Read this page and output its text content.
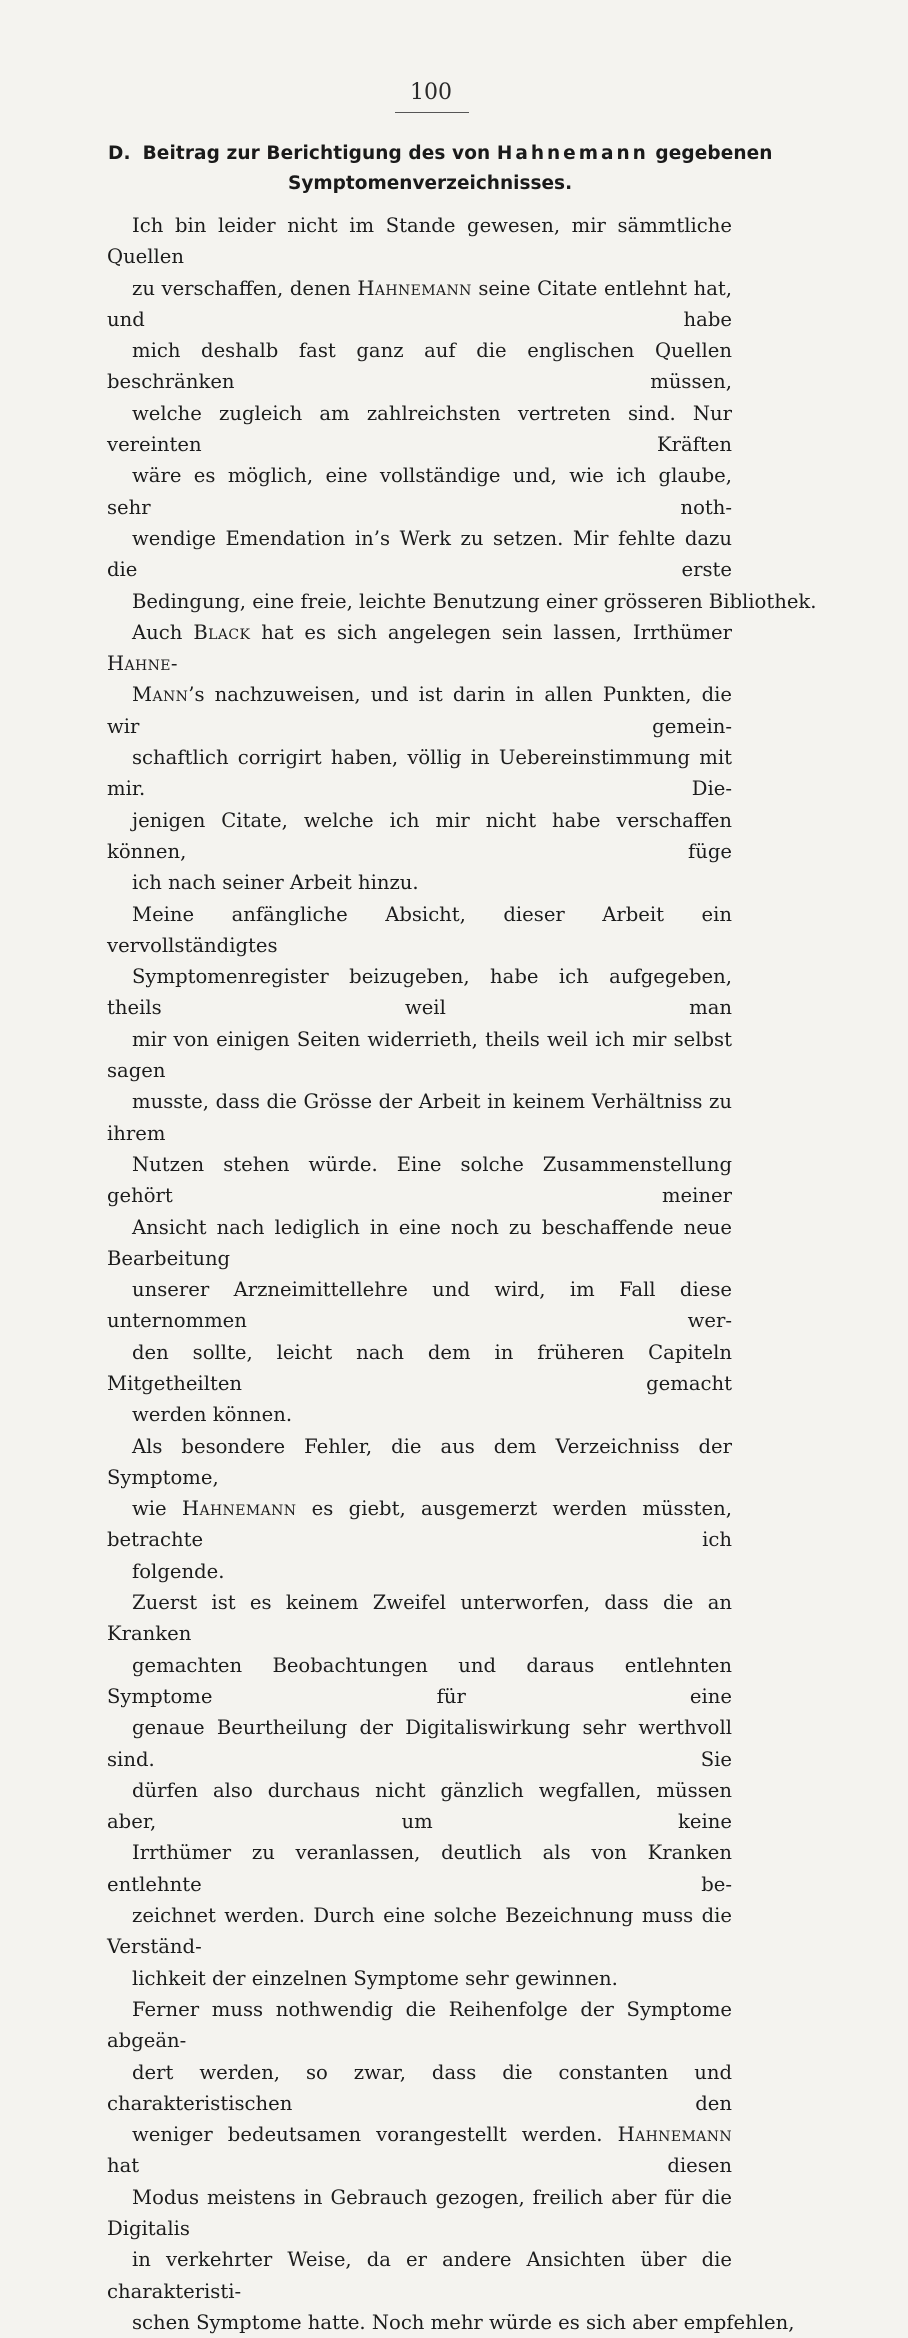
100
D. Beitrag zur Berichtigung des von Hahnemann gegebenen
Symptomenverzeichnisses.

Ich bin leider nicht im Stande gewesen, mir sämmtliche Quellen
zu verschaffen, denen Hahnemann seine Citate entlehnt hat, und habe
mich deshalb fast ganz auf die englischen Quellen beschränken müssen,
welche zugleich am zahlreichsten vertreten sind. Nur vereinten Kräften
wäre es möglich, eine vollständige und, wie ich glaube, sehr noth-
wendige Emendation in’s Werk zu setzen. Mir fehlte dazu die erste
Bedingung, eine freie, leichte Benutzung einer grösseren Bibliothek.

Auch Black hat es sich angelegen sein lassen, Irrthümer Hahne-
Mann’s nachzuweisen, und ist darin in allen Punkten, die wir gemein-
schaftlich corrigirt haben, völlig in Uebereinstimmung mit mir. Die-
jenigen Citate, welche ich mir nicht habe verschaffen können, füge
ich nach seiner Arbeit hinzu.

Meine anfängliche Absicht, dieser Arbeit ein vervollständigtes
Symptomenregister beizugeben, habe ich aufgegeben, theils weil man
mir von einigen Seiten widerrieth, theils weil ich mir selbst sagen
musste, dass die Grösse der Arbeit in keinem Verhältniss zu ihrem
Nutzen stehen würde. Eine solche Zusammenstellung gehört meiner
Ansicht nach lediglich in eine noch zu beschaffende neue Bearbeitung
unserer Arzneimittellehre und wird, im Fall diese unternommen wer-
den sollte, leicht nach dem in früheren Capiteln Mitgetheilten gemacht
werden können.

Als besondere Fehler, die aus dem Verzeichniss der Symptome,
wie Hahnemann es giebt, ausgemerzt werden müssten, betrachte ich
folgende.

Zuerst ist es keinem Zweifel unterworfen, dass die an Kranken
gemachten Beobachtungen und daraus entlehnten Symptome für eine
genaue Beurtheilung der Digitaliswirkung sehr werthvoll sind. Sie
dürfen also durchaus nicht gänzlich wegfallen, müssen aber, um keine
Irrthümer zu veranlassen, deutlich als von Kranken entlehnte be-
zeichnet werden. Durch eine solche Bezeichnung muss die Verständ-
lichkeit der einzelnen Symptome sehr gewinnen.

Ferner muss nothwendig die Reihenfolge der Symptome abgeän-
dert werden, so zwar, dass die constanten und charakteristischen den
weniger bedeutsamen vorangestellt werden. Hahnemann hat diesen
Modus meistens in Gebrauch gezogen, freilich aber für die Digitalis
in verkehrter Weise, da er andere Ansichten über die charakteristi-
schen Symptome hatte. Noch mehr würde es sich aber empfehlen,
